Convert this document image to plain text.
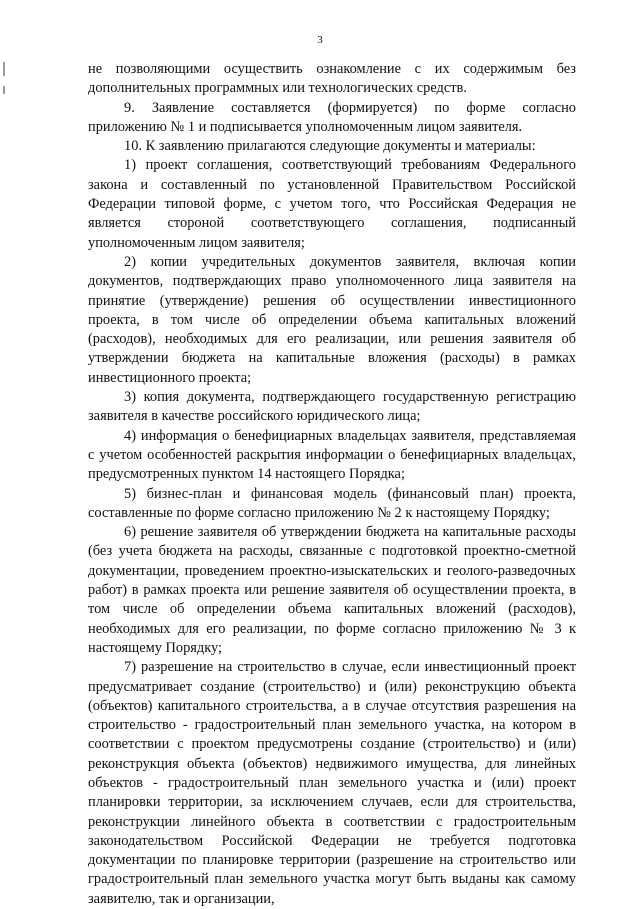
3

не позволяющими осуществить ознакомление с их содержимым без дополнительных программных или технологических средств.

9. Заявление составляется (формируется) по форме согласно приложению № 1 и подписывается уполномоченным лицом заявителя.

10. К заявлению прилагаются следующие документы и материалы:

1) проект соглашения, соответствующий требованиям Федерального закона и составленный по установленной Правительством Российской Федерации типовой форме, с учетом того, что Российская Федерация не является стороной соответствующего соглашения, подписанный уполномоченным лицом заявителя;

2) копии учредительных документов заявителя, включая копии документов, подтверждающих право уполномоченного лица заявителя на принятие (утверждение) решения об осуществлении инвестиционного проекта, в том числе об определении объема капитальных вложений (расходов), необходимых для его реализации, или решения заявителя об утверждении бюджета на капитальные вложения (расходы) в рамках инвестиционного проекта;

3) копия документа, подтверждающего государственную регистрацию заявителя в качестве российского юридического лица;

4) информация о бенефициарных владельцах заявителя, представляемая с учетом особенностей раскрытия информации о бенефициарных владельцах, предусмотренных пунктом 14 настоящего Порядка;

5) бизнес-план и финансовая модель (финансовый план) проекта, составленные по форме согласно приложению № 2 к настоящему Порядку;

6) решение заявителя об утверждении бюджета на капитальные расходы (без учета бюджета на расходы, связанные с подготовкой проектно-сметной документации, проведением проектно-изыскательских и геолого-разведочных работ) в рамках проекта или решение заявителя об осуществлении проекта, в том числе об определении объема капитальных вложений (расходов), необходимых для его реализации, по форме согласно приложению № 3 к настоящему Порядку;

7) разрешение на строительство в случае, если инвестиционный проект предусматривает создание (строительство) и (или) реконструкцию объекта (объектов) капитального строительства, а в случае отсутствия разрешения на строительство - градостроительный план земельного участка, на котором в соответствии с проектом предусмотрены создание (строительство) и (или) реконструкция объекта (объектов) недвижимого имущества, для линейных объектов - градостроительный план земельного участка и (или) проект планировки территории, за исключением случаев, если для строительства, реконструкции линейного объекта в соответствии с градостроительным законодательством Российской Федерации не требуется подготовка документации по планировке территории (разрешение на строительство или градостроительный план земельного участка могут быть выданы как самому заявителю, так и организации,
